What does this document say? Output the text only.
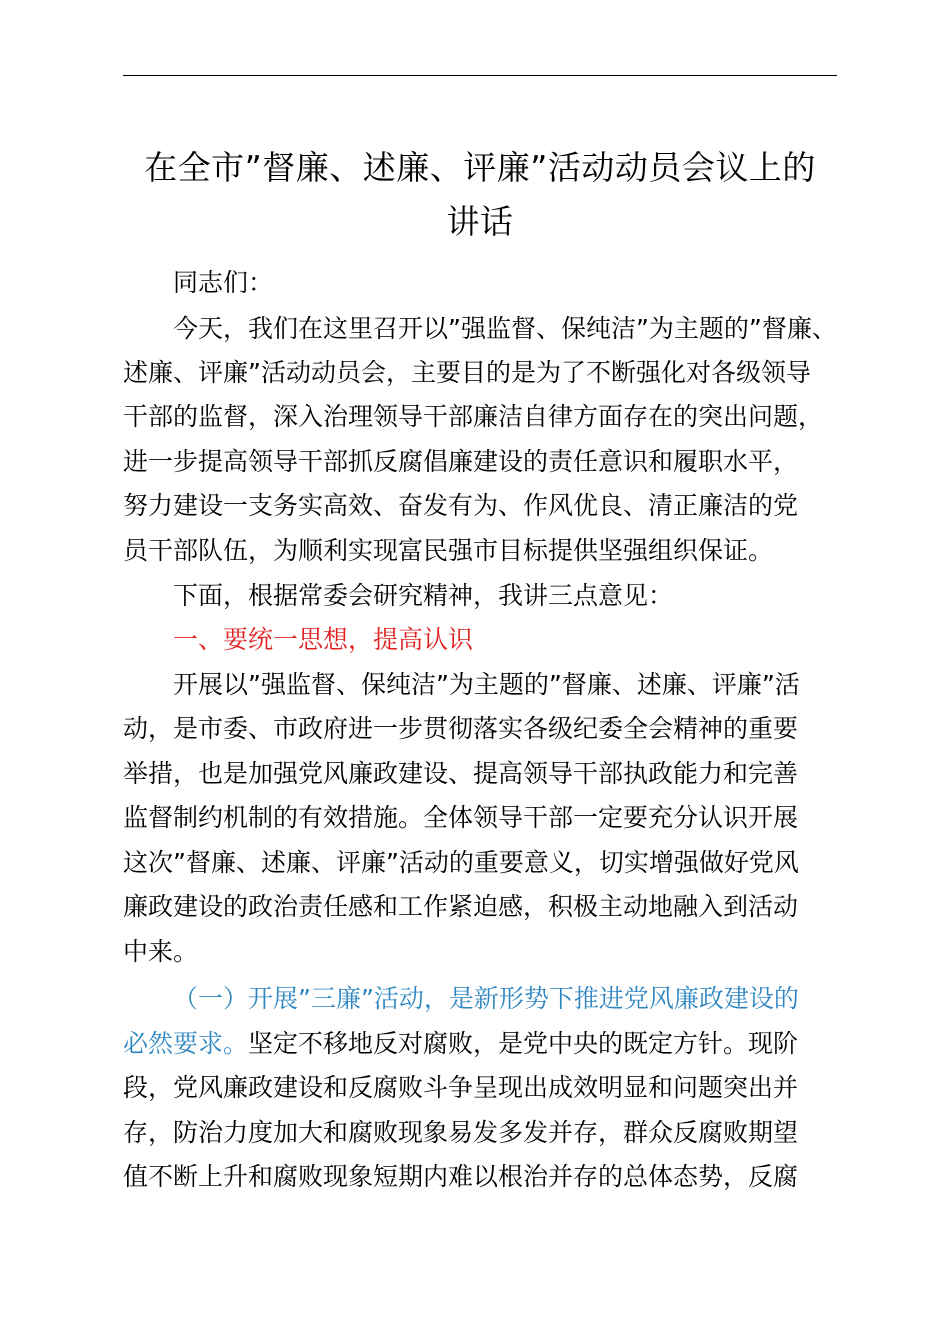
在全市”督廉、述廉、评廉”活动动员会议上的
讲话
同志们：
今天，我们在这里召开以”强监督、保纯洁”为主题的”督廉、
述廉、评廉”活动动员会，主要目的是为了不断强化对各级领导
干部的监督，深入治理领导干部廉洁自律方面存在的突出问题，
进一步提高领导干部抓反腐倡廉建设的责任意识和履职水平，
努力建设一支务实高效、奋发有为、作风优良、清正廉洁的党
员干部队伍，为顺利实现富民强市目标提供坚强组织保证。
下面，根据常委会研究精神，我讲三点意见：
一、要统一思想，提高认识
开展以”强监督、保纯洁”为主题的”督廉、述廉、评廉”活
动，是市委、市政府进一步贯彻落实各级纪委全会精神的重要
举措，也是加强党风廉政建设、提高领导干部执政能力和完善
监督制约机制的有效措施。全体领导干部一定要充分认识开展
这次”督廉、述廉、评廉”活动的重要意义，切实增强做好党风
廉政建设的政治责任感和工作紧迫感，积极主动地融入到活动
中来。
（一）开展”三廉”活动，是新形势下推进党风廉政建设的
必然要求。坚定不移地反对腐败，是党中央的既定方针。现阶
段，党风廉政建设和反腐败斗争呈现出成效明显和问题突出并
存，防治力度加大和腐败现象易发多发并存，群众反腐败期望
值不断上升和腐败现象短期内难以根治并存的总体态势，反腐
